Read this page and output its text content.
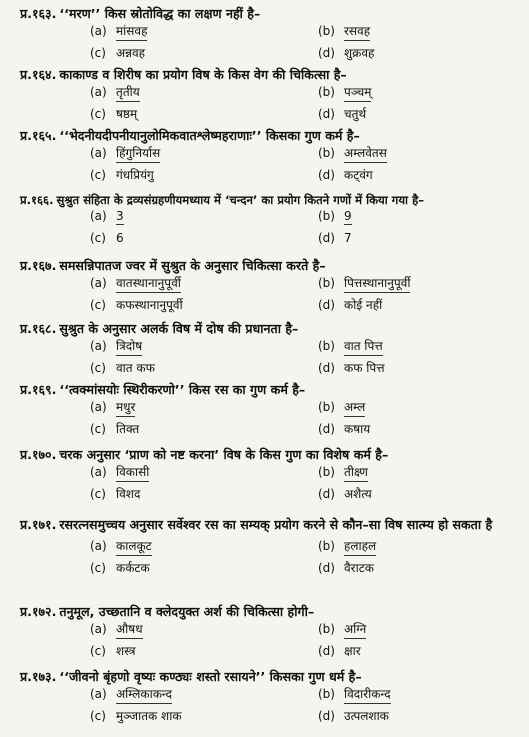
प्र.१६३. ‘‘मरण’’ किस स्रोतोविद्ध का लक्षण नहीं है–
(a) मांसवह	(b) रसवह
(c) अन्नवह	(d) शुक्रवह
प्र.१६४. काकाण्ड व शिरीष का प्रयोग विष के किस वेग की चिकित्सा है–
(a) तृतीय	(b) पञ्चम्
(c) षष्ठम्	(d) चतुर्थ
प्र.१६५. ‘‘भेदनीयदीपनीयानुलोमिकवातश्लेष्महराणाः’’ किसका गुण कर्म है–
(a) हिंगुनिर्यास	(b) अम्लवेतस
(c) गंधप्रियंगु	(d) कट्वंग
प्र.१६६. सुश्रुत संहिता के द्रव्यसंग्रहणीयमध्याय में ‘चन्दन’ का प्रयोग कितने गणों में किया गया है–
(a) 3	(b) 9
(c) 6	(d) 7
प्र.१६७. समसन्निपातज ज्वर में सुश्रुत के अनुसार चिकित्सा करते है–
(a) वातस्थानानुपूर्वी	(b) पित्तस्थानानुपूर्वी
(c) कफस्थानानुपूर्वी	(d) कोई नहीं
प्र.१६८. सुश्रुत के अनुसार अलर्क विष में दोष की प्रधानता है–
(a) त्रिदोष	(b) वात पित्त
(c) वात कफ	(d) कफ पित्त
प्र.१६९. ‘‘त्वक्मांसयोः स्थिरीकरणो’’ किस रस का गुण कर्म है–
(a) मधुर	(b) अम्ल
(c) तिक्त	(d) कषाय
प्र.१७०. चरक अनुसार ‘प्राण को नष्ट करना’ विष के किस गुण का विशेष कर्म है–
(a) विकासी	(b) तीक्ष्ण
(c) विशद	(d) अशैत्य
प्र.१७१. रसरत्नसमुच्चय अनुसार सर्वेश्वर रस का सम्यक् प्रयोग करने से कौन–सा विष सात्म्य हो सकता है
(a) कालकूट	(b) हलाहल
(c) कर्कटक	(d) वैराटक
प्र.१७२. तनुमूल, उच्छ्तानि व क्लेदयुक्त अर्श की चिकित्सा होगी–
(a) औषध	(b) अग्नि
(c) शस्त्र	(d) क्षार
प्र.१७३. ‘‘जीवनो बृंहणो वृष्यः कण्ठ्यः शस्तो रसायने’’ किसका गुण धर्म है–
(a) अम्लिकाकन्द	(b) विदारीकन्द
(c) मुञ्जातक शाक	(d) उत्पलशाक
